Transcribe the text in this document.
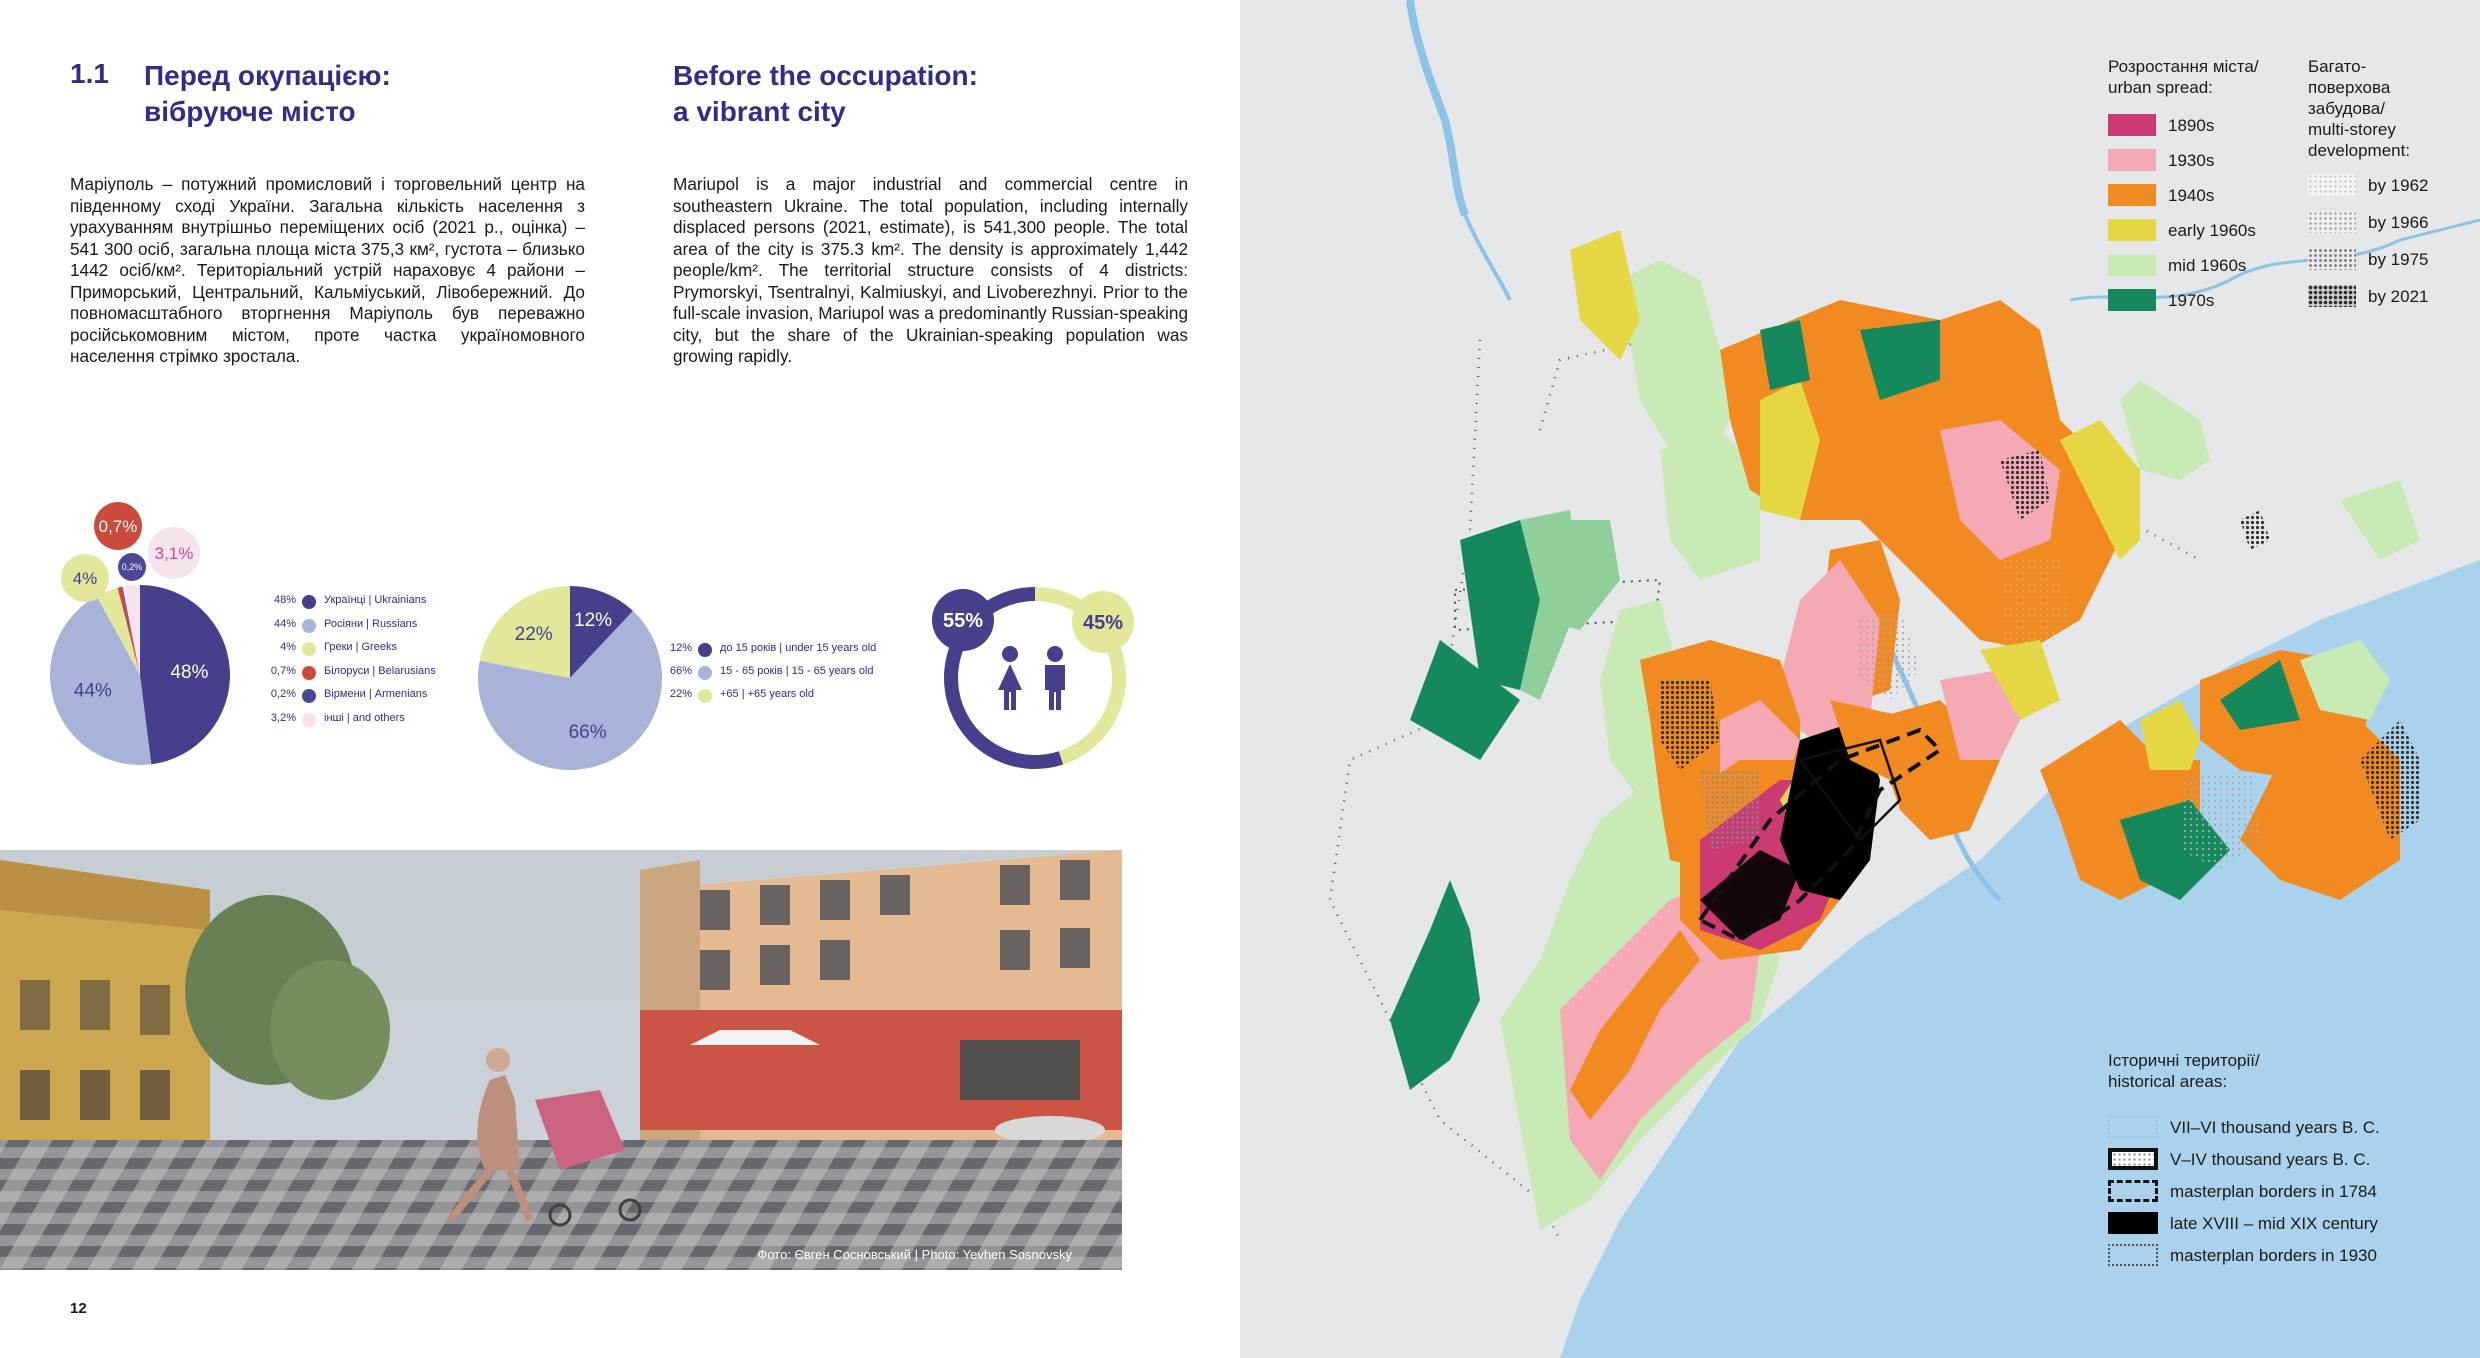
1.1 Перед окупацією:
вібруюче місто
Before the occupation:
a vibrant city
Маріуполь – потужний промисловий і торговельний центр на південному сході України. Загальна кількість населення з урахуванням внутрішньо переміщених осіб (2021 р., оцінка) – 541 300 осіб, загальна площа міста 375,3 км², густота – близько 1442 осіб/км². Територіальний устрій нараховує 4 райони – Приморський, Центральний, Кальміуський, Лівобережний. До повномасштабного вторгнення Маріуполь був переважно російськомовним містом, проте частка україномовного населення стрімко зростала.
Mariupol is a major industrial and commercial centre in southeastern Ukraine. The total population, including internally displaced persons (2021, estimate), is 541,300 people. The total area of the city is 375.3 km². The density is approximately 1,442 people/km². The territorial structure consists of 4 districts: Prymorskyi, Tsentralnyi, Kalmiuskyi, and Livoberezhnyi. Prior to the full-scale invasion, Mariupol was a predominantly Russian-speaking city, but the share of the Ukrainian-speaking population was growing rapidly.
48%
44%
4%
0,7%
0,2%
3,1%
48%	Українці | Ukrainians
44%	Росіяни | Russians
4%	Греки | Greeks
0,7%	Білоруси | Belarusians
0,2%	Вірмени | Armenians
3,2%	інші | and others
12%
66%
22%
12%	до 15 років | under 15 years old
66%	15 - 65 років | 15 - 65 years old
22%	+65 | +65 years old
55%	45%
Фото: Євген Сосновський | Photo: Yevhen Sosnovsky
12
Розростання міста/
urban spread:
1890s
1930s
1940s
early 1960s
mid 1960s
1970s
Багато-
поверхова
забудова/
multi-storey
development:
by 1962
by 1966
by 1975
by 2021
Історичні території/
historical areas:
VII–VI thousand years B. C.
V–IV thousand years B. C.
masterplan borders in 1784
late XVIII – mid XIX century
masterplan borders in 1930
